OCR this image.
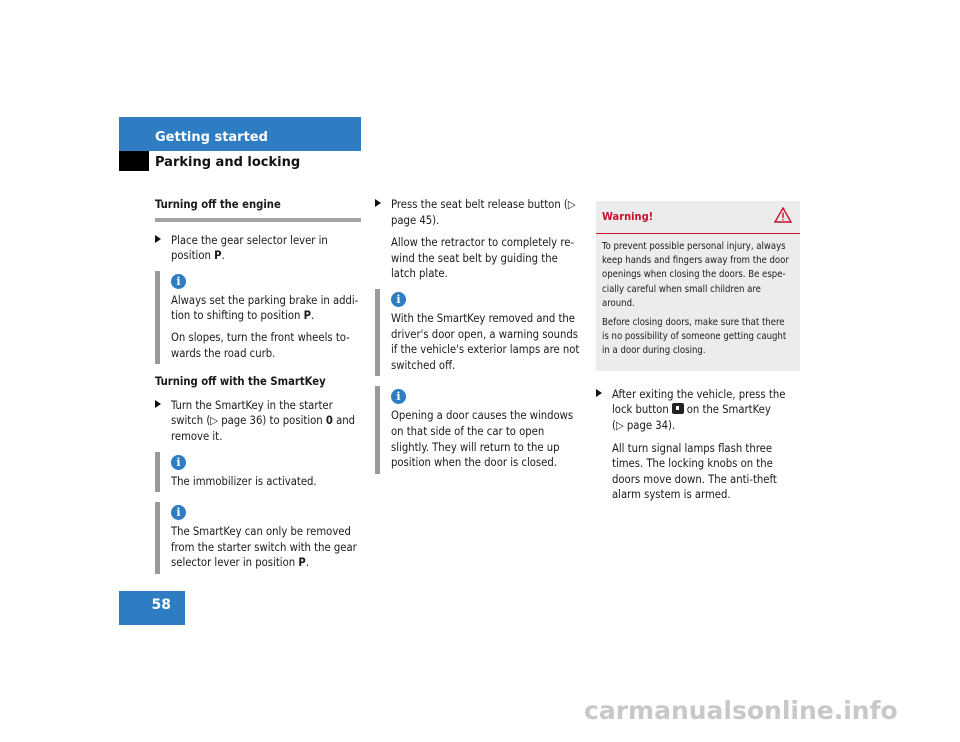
Getting started
Parking and locking
Turning off the engine
Place the gear selector lever in position P.
i

Always set the parking brake in addi-tion to shifting to position P.

On slopes, turn the front wheels to-wards the road curb.

Turning off with the SmartKey
Turn the SmartKey in the starter switch (▷ page 36) to position 0 and remove it.
i

The immobilizer is activated.

i

The SmartKey can only be removed from the starter switch with the gear selector lever in position P.

Press the seat belt release button (▷ page 45).

Allow the retractor to completely re-wind the seat belt by guiding the latch plate.

i

With the SmartKey removed and the driver's door open, a warning sounds if the vehicle's exterior lamps are not switched off.

i

Opening a door causes the windows on that side of the car to open slightly. They will return to the up position when the door is closed.

Warning!

To prevent possible personal injury, always keep hands and fingers away from the door openings when closing the doors. Be espe-cially careful when small children are around.

Before closing doors, make sure that there is no possibility of someone getting caught in a door during closing.

After exiting the vehicle, press the lock button on the SmartKey
(▷ page 34).

All turn signal lamps flash three times. The locking knobs on the doors move down. The anti-theft alarm system is armed.

58
carmanualsonline.info
